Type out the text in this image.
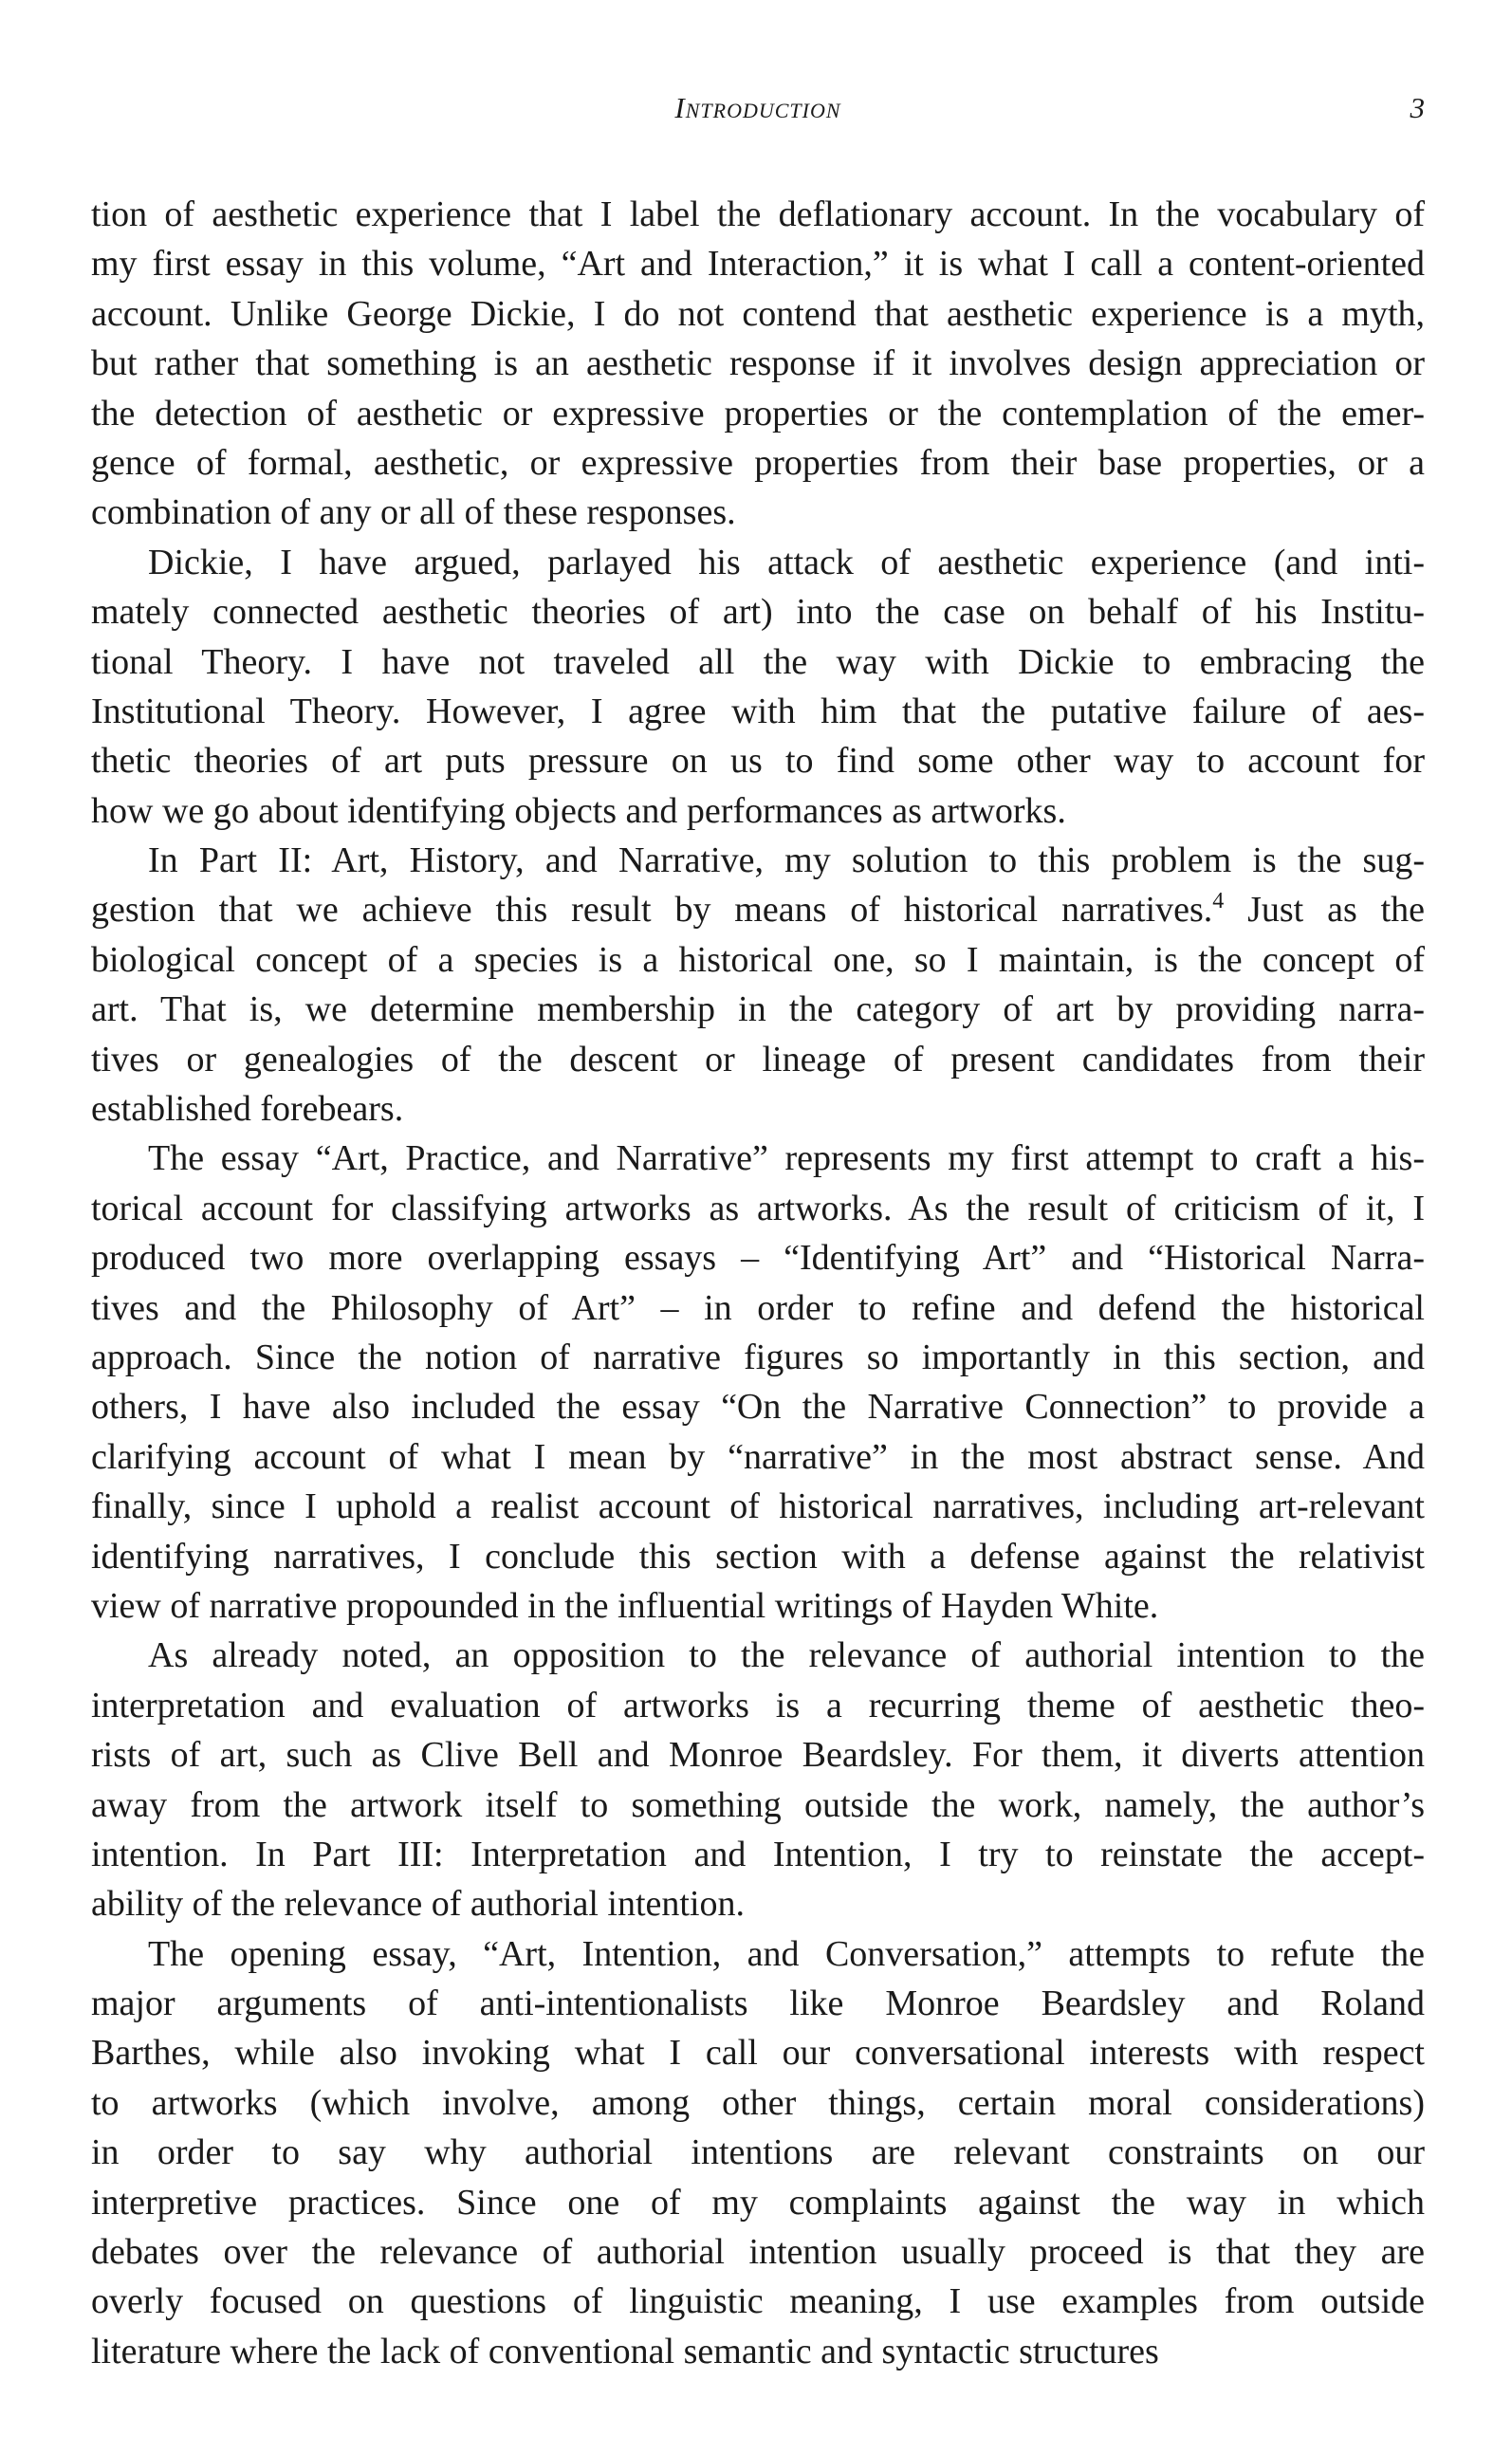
Introduction	3
tion of aesthetic experience that I label the deflationary account. In the vocabulary of
my first essay in this volume, “Art and Interaction,” it is what I call a content-oriented
account. Unlike George Dickie, I do not contend that aesthetic experience is a myth,
but rather that something is an aesthetic response if it involves design appreciation or
the detection of aesthetic or expressive properties or the contemplation of the emer-
gence of formal, aesthetic, or expressive properties from their base properties, or a
combination of any or all of these responses.
Dickie, I have argued, parlayed his attack of aesthetic experience (and inti-
mately connected aesthetic theories of art) into the case on behalf of his Institu-
tional Theory. I have not traveled all the way with Dickie to embracing the
Institutional Theory. However, I agree with him that the putative failure of aes-
thetic theories of art puts pressure on us to find some other way to account for
how we go about identifying objects and performances as artworks.
In Part II: Art, History, and Narrative, my solution to this problem is the sug-
gestion that we achieve this result by means of historical narratives.$^4$ Just as the
biological concept of a species is a historical one, so I maintain, is the concept of
art. That is, we determine membership in the category of art by providing narra-
tives or genealogies of the descent or lineage of present candidates from their
established forebears.
The essay “Art, Practice, and Narrative” represents my first attempt to craft a his-
torical account for classifying artworks as artworks. As the result of criticism of it, I
produced two more overlapping essays – “Identifying Art” and “Historical Narra-
tives and the Philosophy of Art” – in order to refine and defend the historical
approach. Since the notion of narrative figures so importantly in this section, and
others, I have also included the essay “On the Narrative Connection” to provide a
clarifying account of what I mean by “narrative” in the most abstract sense. And
finally, since I uphold a realist account of historical narratives, including art-relevant
identifying narratives, I conclude this section with a defense against the relativist
view of narrative propounded in the influential writings of Hayden White.
As already noted, an opposition to the relevance of authorial intention to the
interpretation and evaluation of artworks is a recurring theme of aesthetic theo-
rists of art, such as Clive Bell and Monroe Beardsley. For them, it diverts attention
away from the artwork itself to something outside the work, namely, the author’s
intention. In Part III: Interpretation and Intention, I try to reinstate the accept-
ability of the relevance of authorial intention.
The opening essay, “Art, Intention, and Conversation,” attempts to refute the
major arguments of anti-intentionalists like Monroe Beardsley and Roland
Barthes, while also invoking what I call our conversational interests with respect
to artworks (which involve, among other things, certain moral considerations)
in order to say why authorial intentions are relevant constraints on our
interpretive practices. Since one of my complaints against the way in which
debates over the relevance of authorial intention usually proceed is that they are
overly focused on questions of linguistic meaning, I use examples from outside
literature where the lack of conventional semantic and syntactic structures
